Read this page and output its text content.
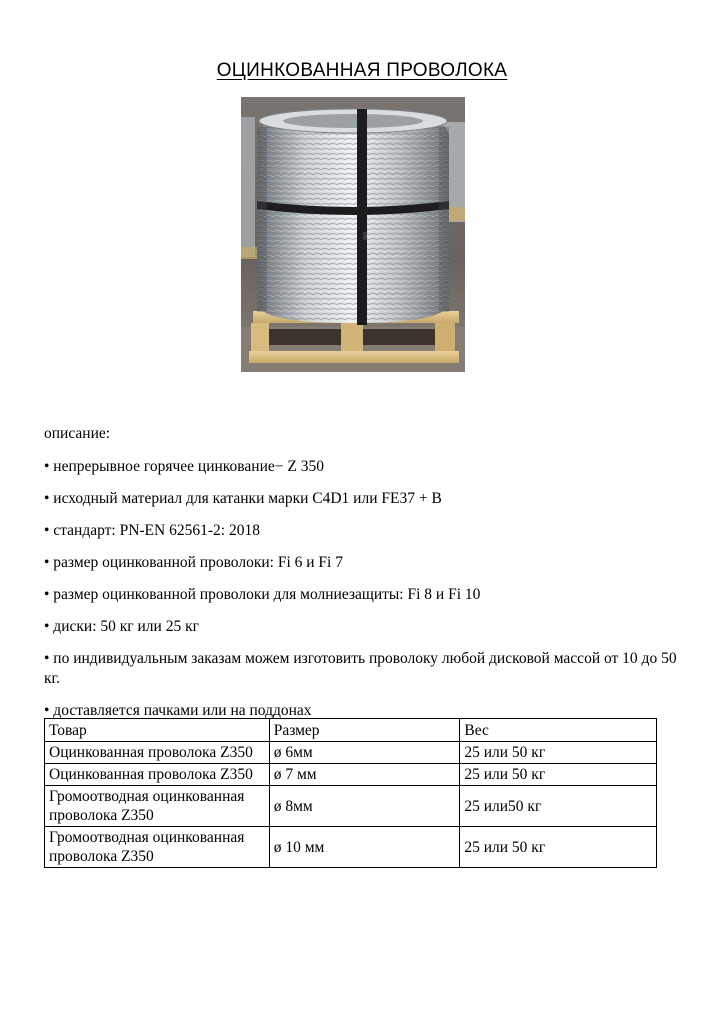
ОЦИНКОВАННАЯ ПРОВОЛОКА

описание:

• непрерывное горячее цинкование− Z 350

• исходный материал для катанки марки C4D1 или FE37 + B

• стандарт: PN-EN 62561-2: 2018

• размер оцинкованной проволоки: Fi 6 и Fi 7

• размер оцинкованной проволоки для молниезащиты: Fi 8 и Fi 10

• диски: 50 кг или 25 кг

• по индивидуальным заказам можем изготовить проволоку любой дисковой массой от 10 до 50 кг.

• доставляется пачками или на поддонах

Товар	Размер	Вес
Оцинкованная проволока Z350	ø 6мм	25 или 50 кг
Оцинкованная проволока Z350	ø 7 мм	25 или 50 кг
Громоотводная оцинкованная проволока Z350	ø 8мм	25 или50 кг
Громоотводная оцинкованная проволока Z350	ø 10 мм	25 или 50 кг
